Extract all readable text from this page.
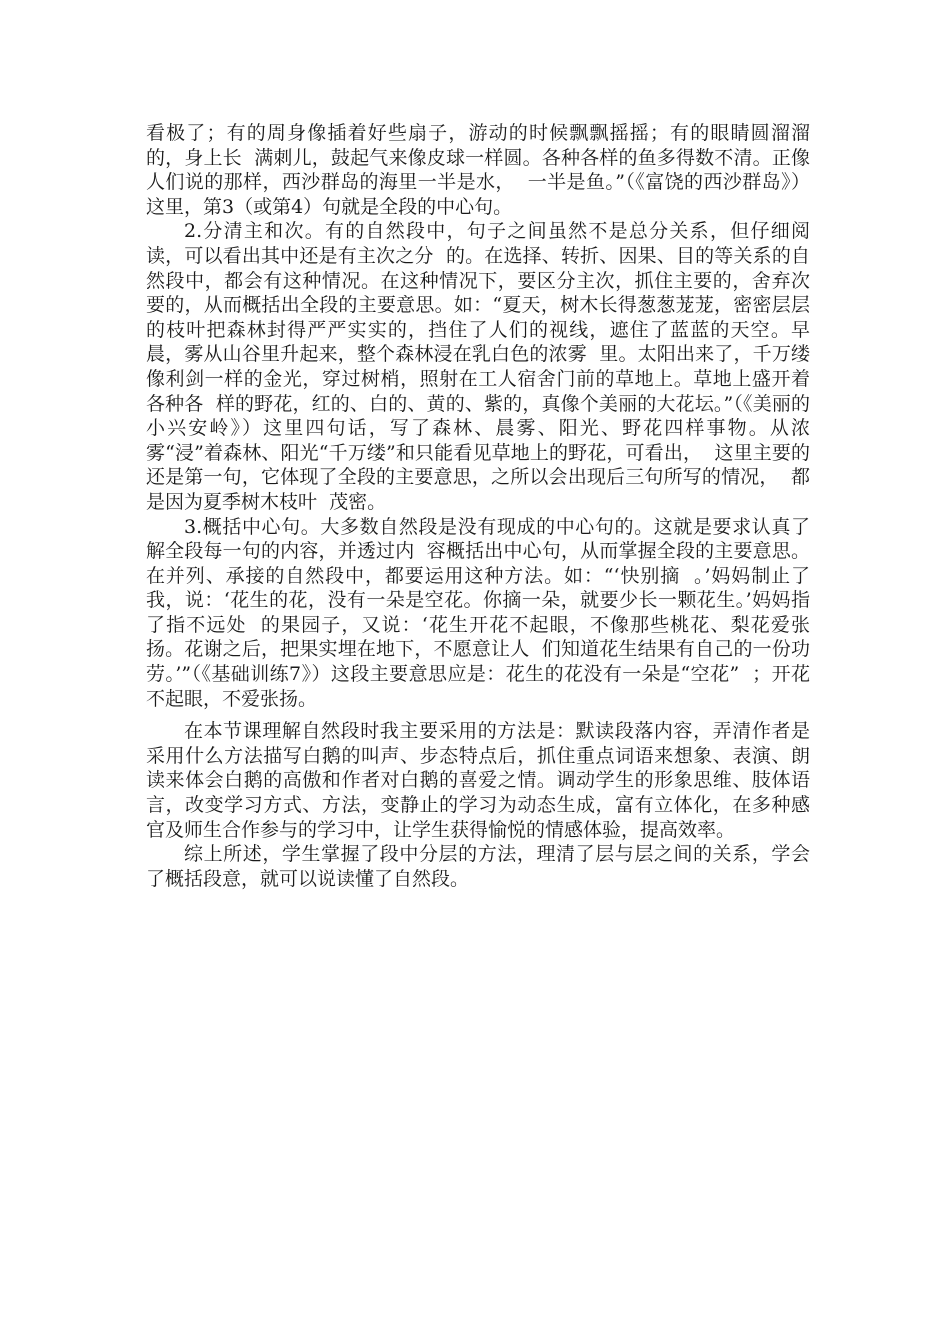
看极了；有的周身像插着好些扇子，游动的时候飘飘摇摇；有的眼睛圆溜溜的，身上长  满刺儿，鼓起气来像皮球一样圆。各种各样的鱼多得数不清。正像人们说的那样，西沙群岛的海里一半是水，  一半是鱼。”（《富饶的西沙群岛》）这里，第3（或第4）句就是全段的中心句。

2.分清主和次。有的自然段中，句子之间虽然不是总分关系，但仔细阅读，可以看出其中还是有主次之分  的。在选择、转折、因果、目的等关系的自然段中，都会有这种情况。在这种情况下，要区分主次，抓住主要的，舍弃次要的，从而概括出全段的主要意思。如：“夏天，树木长得葱葱茏茏，密密层层的枝叶把森林封得严严实实的，挡住了人们的视线，遮住了蓝蓝的天空。早晨，雾从山谷里升起来，整个森林浸在乳白色的浓雾  里。太阳出来了，千万缕像利剑一样的金光，穿过树梢，照射在工人宿舍门前的草地上。草地上盛开着各种各  样的野花，红的、白的、黄的、紫的，真像个美丽的大花坛。”（《美丽的小兴安岭》）这里四句话，写了森林、晨雾、阳光、野花四样事物。从浓雾“浸”着森林、阳光“千万缕”和只能看见草地上的野花，可看出，  这里主要的还是第一句，它体现了全段的主要意思，之所以会出现后三句所写的情况，  都是因为夏季树木枝叶  茂密。

3.概括中心句。大多数自然段是没有现成的中心句的。这就是要求认真了解全段每一句的内容，并透过内  容概括出中心句，从而掌握全段的主要意思。在并列、承接的自然段中，都要运用这种方法。如：“‘快别摘  。’妈妈制止了我，说：‘花生的花，没有一朵是空花。你摘一朵，就要少长一颗花生。’妈妈指了指不远处  的果园子，又说：‘花生开花不起眼，不像那些桃花、梨花爱张扬。花谢之后，把果实埋在地下，不愿意让人  们知道花生结果有自己的一份功劳。’”（《基础训练7》）这段主要意思应是：花生的花没有一朵是“空花”  ；开花不起眼，不爱张扬。

在本节课理解自然段时我主要采用的方法是：默读段落内容，弄清作者是采用什么方法描写白鹅的叫声、步态特点后，抓住重点词语来想象、表演、朗读来体会白鹅的高傲和作者对白鹅的喜爱之情。调动学生的形象思维、肢体语言，改变学习方式、方法，变静止的学习为动态生成，富有立体化，在多种感官及师生合作参与的学习中，让学生获得愉悦的情感体验，提高效率。

综上所述，学生掌握了段中分层的方法，理清了层与层之间的关系，学会了概括段意，就可以说读懂了自然段。
